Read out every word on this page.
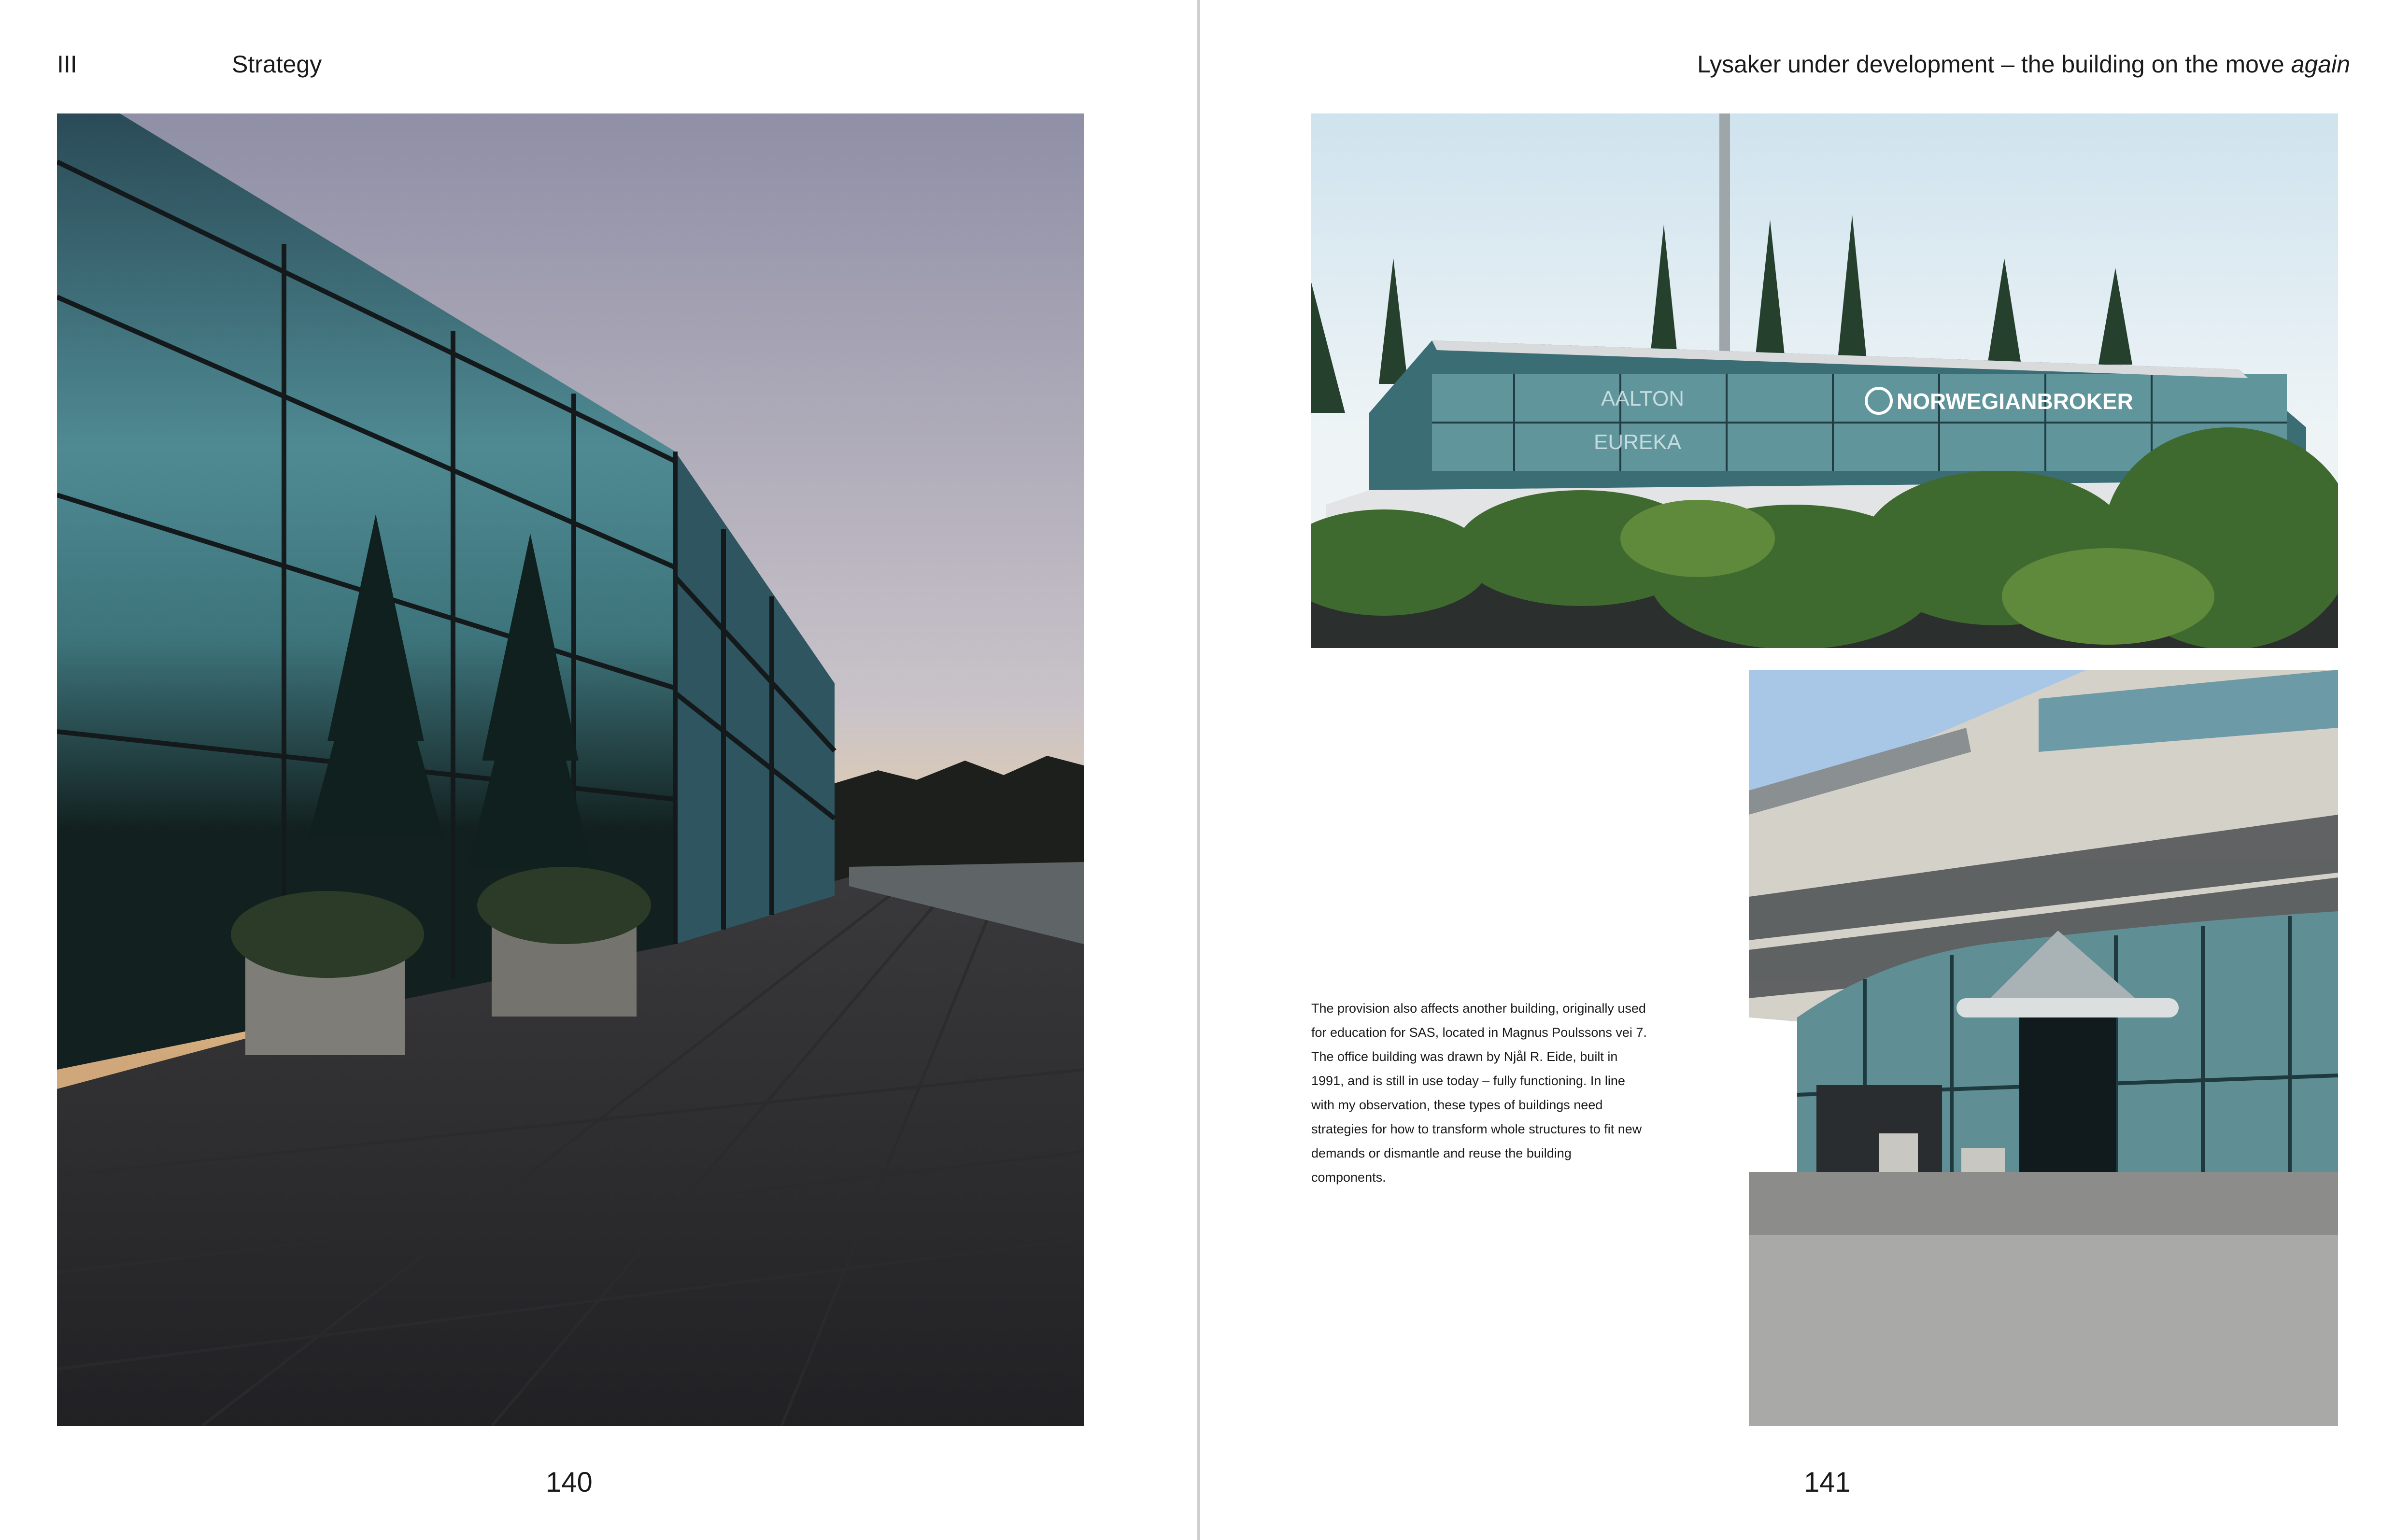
III	Strategy
140
Lysaker under development – the building on the move again
AALTON
EUREKA
NORWEGIANBROKER

The provision also affects another building, originally used for education for SAS, located in Magnus Poulssons vei 7. The office building was drawn by Njål R. Eide, built in 1991, and is still in use today – fully functioning. In line with my observation, these types of buildings need strategies for how to transform whole structures to fit new demands or dismantle and reuse the building components.

141
